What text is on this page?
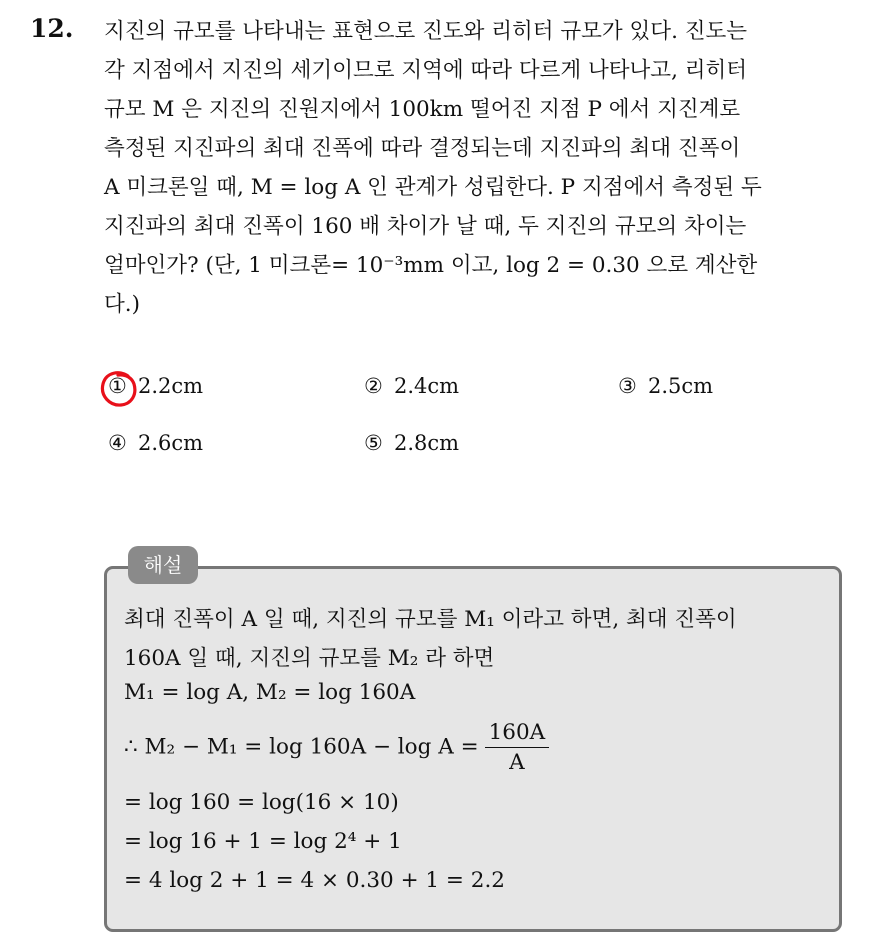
12. 지진의 규모를 나타내는 표현으로 진도와 리히터 규모가 있다. 진도는
각 지점에서 지진의 세기이므로 지역에 따라 다르게 나타나고, 리히터
규모 M 은 지진의 진원지에서 100km 떨어진 지점 P 에서 지진계로
측정된 지진파의 최대 진폭에 따라 결정되는데 지진파의 최대 진폭이
A 미크론일 때, M = log A 인 관계가 성립한다. P 지점에서 측정된 두
지진파의 최대 진폭이 160 배 차이가 날 때, 두 지진의 규모의 차이는
얼마인가? (단, 1 미크론= 10⁻³mm 이고, log 2 = 0.30 으로 계산한
다.)
① 2.2cm	② 2.4cm	③ 2.5cm
④ 2.6cm	⑤ 2.8cm
해설
최대 진폭이 A 일 때, 지진의 규모를 M₁ 이라고 하면, 최대 진폭이
160A 일 때, 지진의 규모를 M₂ 라 하면
M₁ = log A, M₂ = log 160A
∴ $M_2 - M_1 = \log 160A - \log A = \frac{160A}{A}$
= log 160 = log(16 × 10)
= log 16 + 1 = log 2⁴ + 1
= 4 log 2 + 1 = 4 × 0.30 + 1 = 2.2
